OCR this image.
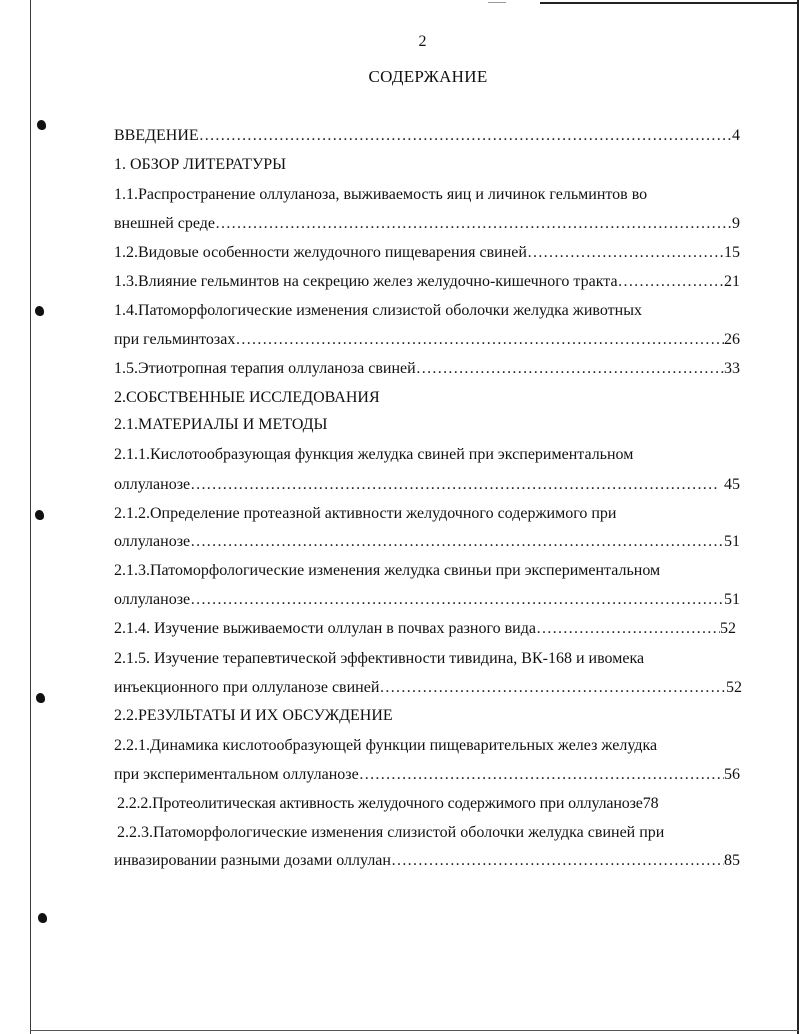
2
СОДЕРЖАНИЕ
ВВЕДЕНИЕ ……………………………………………………………………………………………………………………………………………………………………………………	4
1. ОБЗОР ЛИТЕРАТУРЫ
1.1.Распространение оллуланоза, выживаемость яиц и личинок гельминтов во
внешней среде ……………………………………………………………………………………………………………………………………………………………………………………	9
1.2.Видовые особенности желудочного пищеварения свиней ……………………………………………………………………………………………………………………………………………………………………………………	15
1.3.Влияние гельминтов на секрецию желез желудочно-кишечного тракта ……………………………………………………………………………………………………………………………………………………………………………………	21
1.4.Патоморфологические изменения слизистой оболочки желудка животных
при гельминтозах ……………………………………………………………………………………………………………………………………………………………………………………	26
1.5.Этиотропная терапия оллуланоза свиней ……………………………………………………………………………………………………………………………………………………………………………………	33
2.СОБСТВЕННЫЕ ИССЛЕДОВАНИЯ
2.1.МАТЕРИАЛЫ И МЕТОДЫ
2.1.1.Кислотообразующая функция желудка свиней при экспериментальном
оллуланозе ……………………………………………………………………………………………………………………………………………………………………………………	45
2.1.2.Определение протеазной активности желудочного содержимого при
оллуланозе ……………………………………………………………………………………………………………………………………………………………………………………	51
2.1.3.Патоморфологические изменения желудка свиньи при экспериментальном
оллуланозе ……………………………………………………………………………………………………………………………………………………………………………………	51
2.1.4. Изучение выживаемости оллулан в почвах разного вида ……………………………………………………………………………………………………………………………………………………………………………………	52
2.1.5. Изучение терапевтической эффективности тивидина, ВК-168 и ивомека
инъекционного при оллуланозе свиней ……………………………………………………………………………………………………………………………………………………………………………………	52
2.2.РЕЗУЛЬТАТЫ И ИХ ОБСУЖДЕНИЕ
2.2.1.Динамика кислотообразующей функции пищеварительных желез желудка
при экспериментальном оллуланозе ……………………………………………………………………………………………………………………………………………………………………………………	56
2.2.2.Протеолитическая активность желудочного содержимого при оллуланозе 78
2.2.3.Патоморфологические изменения слизистой оболочки желудка свиней при
инвазировании разными дозами оллулан ……………………………………………………………………………………………………………………………………………………………………………………	85
